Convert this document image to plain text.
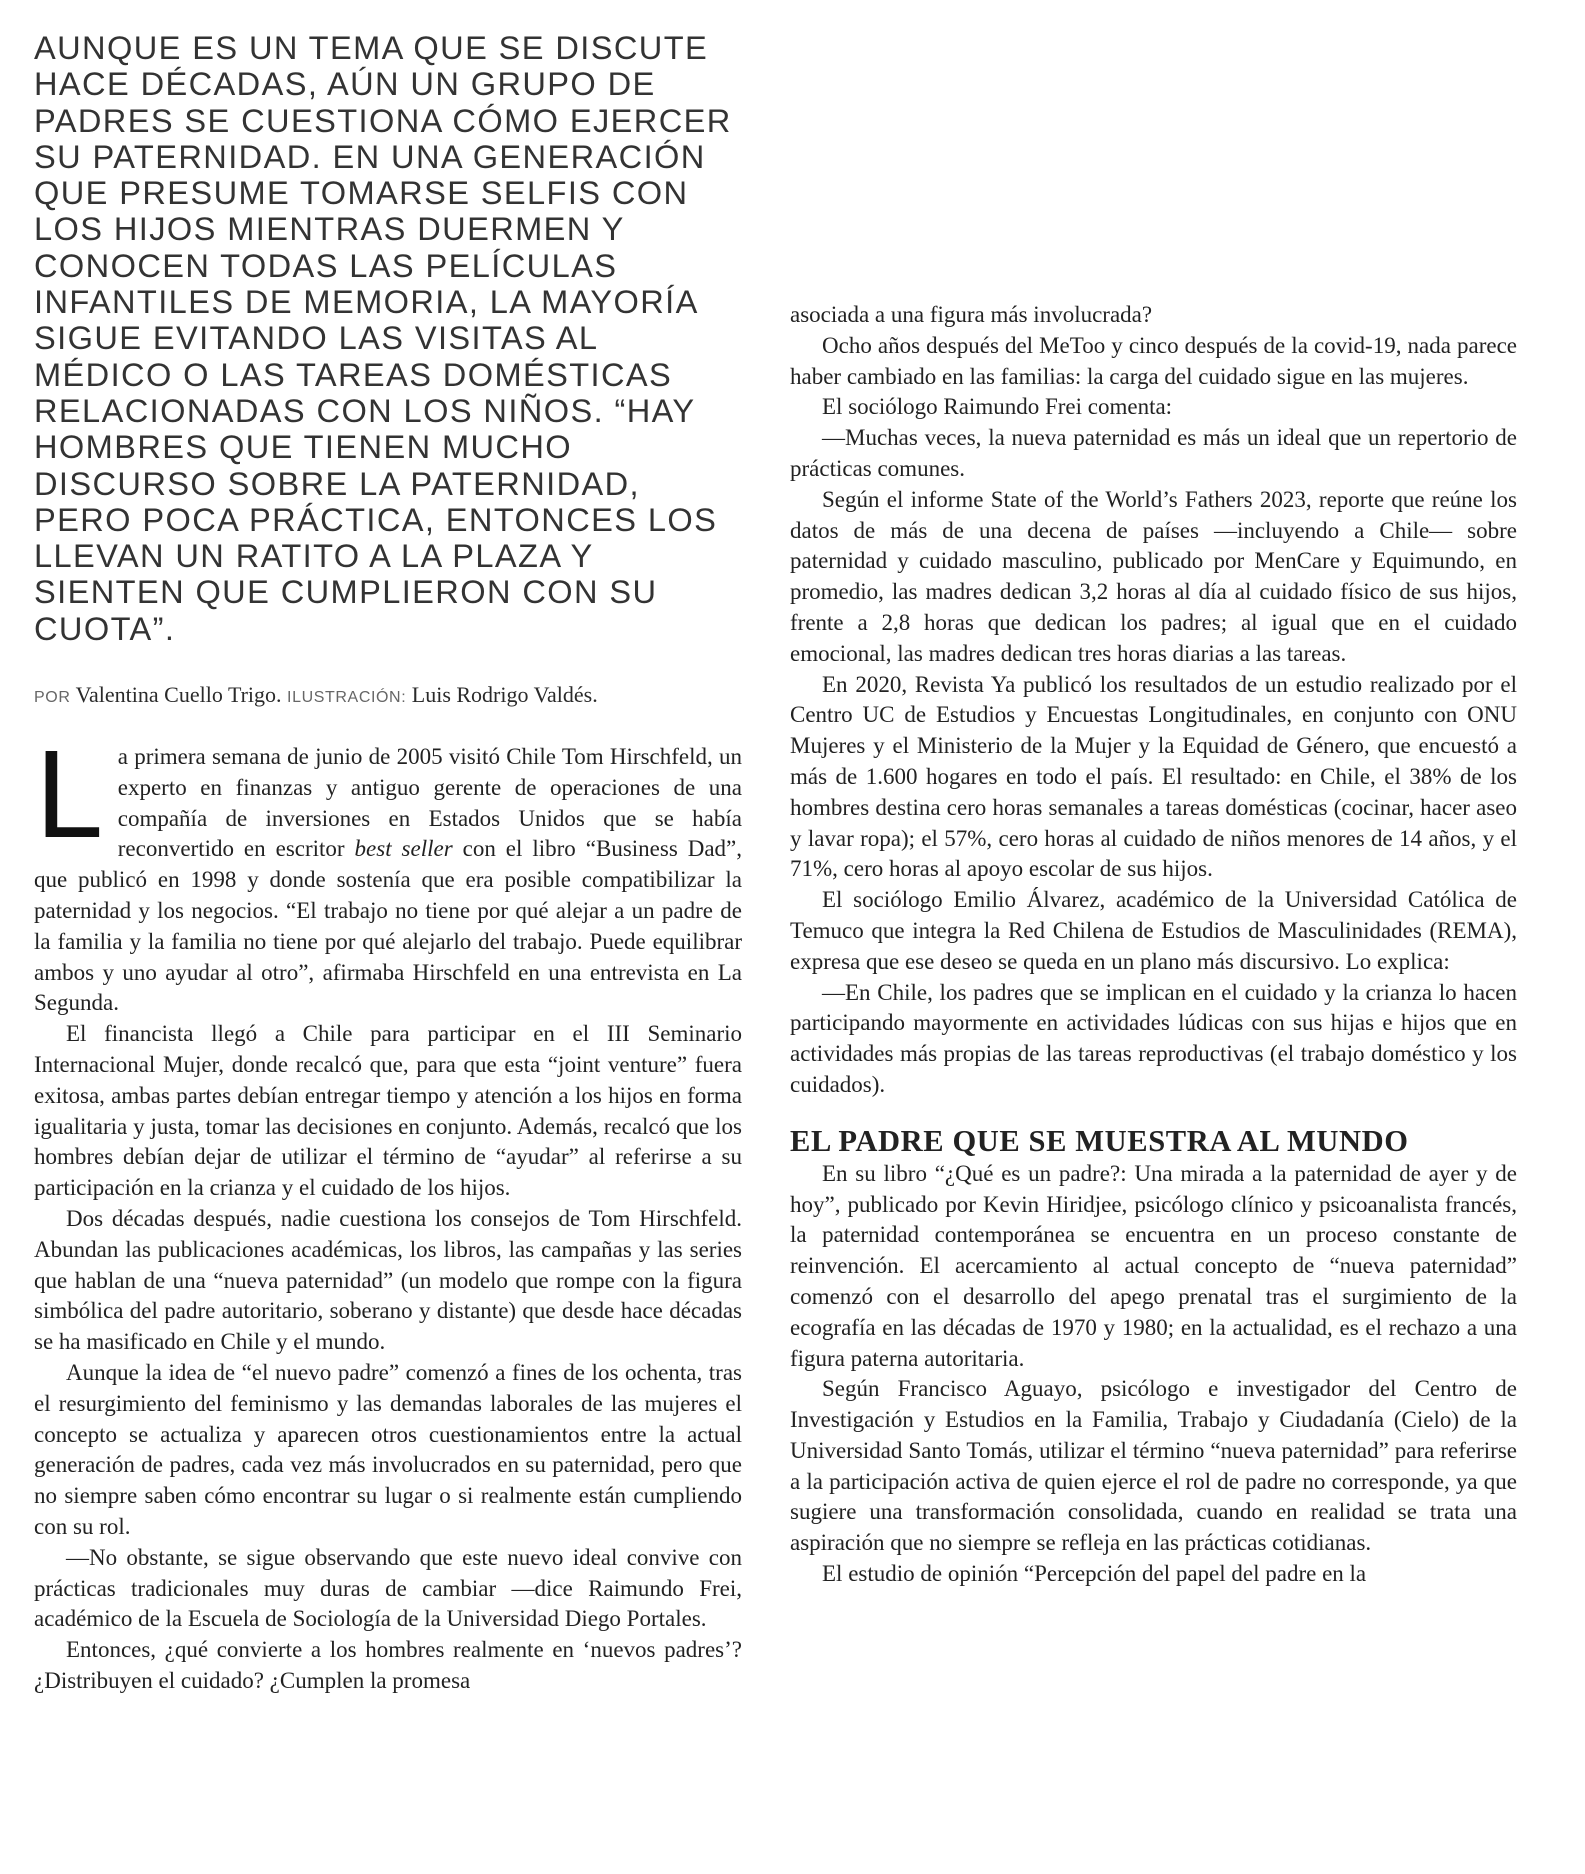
AUNQUE ES UN TEMA QUE SE DISCUTE HACE DÉCADAS, AÚN UN GRUPO DE PADRES SE CUESTIONA CÓMO EJERCER SU PATERNIDAD. EN UNA GENERACIÓN QUE PRESUME TOMARSE SELFIS CON LOS HIJOS MIENTRAS DUERMEN Y CONOCEN TODAS LAS PELÍCULAS INFANTILES DE MEMORIA, LA MAYORÍA SIGUE EVITANDO LAS VISITAS AL MÉDICO O LAS TAREAS DOMÉSTICAS RELACIONADAS CON LOS NIÑOS. “HAY HOMBRES QUE TIENEN MUCHO DISCURSO SOBRE LA PATERNIDAD, PERO POCA PRÁCTICA, ENTONCES LOS LLEVAN UN RATITO A LA PLAZA Y SIENTEN QUE CUMPLIERON CON SU CUOTA”.
POR Valentina Cuello Trigo. ILUSTRACIÓN: Luis Rodrigo Valdés.

La primera semana de junio de 2005 visitó Chile Tom Hirschfeld, un experto en finanzas y antiguo gerente de operaciones de una compañía de inversiones en Estados Unidos que se había reconvertido en escritor best seller con el libro “Business Dad”, que publicó en 1998 y donde sostenía que era posible compatibilizar la paternidad y los negocios. “El trabajo no tiene por qué alejar a un padre de la familia y la familia no tiene por qué alejarlo del trabajo. Puede equilibrar ambos y uno ayudar al otro”, afirmaba Hirschfeld en una entrevista en La Segunda.

El financista llegó a Chile para participar en el III Seminario Internacional Mujer, donde recalcó que, para que esta “joint venture” fuera exitosa, ambas partes debían entregar tiempo y atención a los hijos en forma igualitaria y justa, tomar las decisiones en conjunto. Además, recalcó que los hombres debían dejar de utilizar el término de “ayudar” al referirse a su participación en la crianza y el cuidado de los hijos.

Dos décadas después, nadie cuestiona los consejos de Tom Hirschfeld. Abundan las publicaciones académicas, los libros, las campañas y las series que hablan de una “nueva paternidad” (un modelo que rompe con la figura simbólica del padre autoritario, soberano y distante) que desde hace décadas se ha masificado en Chile y el mundo.

Aunque la idea de “el nuevo padre” comenzó a fines de los ochenta, tras el resurgimiento del feminismo y las demandas laborales de las mujeres el concepto se actualiza y aparecen otros cuestionamientos entre la actual generación de padres, cada vez más involucrados en su paternidad, pero que no siempre saben cómo encontrar su lugar o si realmente están cumpliendo con su rol.

—No obstante, se sigue observando que este nuevo ideal convive con prácticas tradicionales muy duras de cambiar —dice Raimundo Frei, académico de la Escuela de Sociología de la Universidad Diego Portales.

Entonces, ¿qué convierte a los hombres realmente en ‘nuevos padres’? ¿Distribuyen el cuidado? ¿Cumplen la promesa

asociada a una figura más involucrada?

Ocho años después del MeToo y cinco después de la covid-19, nada parece haber cambiado en las familias: la carga del cuidado sigue en las mujeres.

El sociólogo Raimundo Frei comenta:

—Muchas veces, la nueva paternidad es más un ideal que un repertorio de prácticas comunes.

Según el informe State of the World’s Fathers 2023, reporte que reúne los datos de más de una decena de países —incluyendo a Chile— sobre paternidad y cuidado masculino, publicado por MenCare y Equimundo, en promedio, las madres dedican 3,2 horas al día al cuidado físico de sus hijos, frente a 2,8 horas que dedican los padres; al igual que en el cuidado emocional, las madres dedican tres horas diarias a las tareas.

En 2020, Revista Ya publicó los resultados de un estudio realizado por el Centro UC de Estudios y Encuestas Longitudinales, en conjunto con ONU Mujeres y el Ministerio de la Mujer y la Equidad de Género, que encuestó a más de 1.600 hogares en todo el país. El resultado: en Chile, el 38% de los hombres destina cero horas semanales a tareas domésticas (cocinar, hacer aseo y lavar ropa); el 57%, cero horas al cuidado de niños menores de 14 años, y el 71%, cero horas al apoyo escolar de sus hijos.

El sociólogo Emilio Álvarez, académico de la Universidad Católica de Temuco que integra la Red Chilena de Estudios de Masculinidades (REMA), expresa que ese deseo se queda en un plano más discursivo. Lo explica:

—En Chile, los padres que se implican en el cuidado y la crianza lo hacen participando mayormente en actividades lúdicas con sus hijas e hijos que en actividades más propias de las tareas reproductivas (el trabajo doméstico y los cuidados).

EL PADRE QUE SE MUESTRA AL MUNDO

En su libro “¿Qué es un padre?: Una mirada a la paternidad de ayer y de hoy”, publicado por Kevin Hiridjee, psicólogo clínico y psicoanalista francés, la paternidad contemporánea se encuentra en un proceso constante de reinvención. El acercamiento al actual concepto de “nueva paternidad” comenzó con el desarrollo del apego prenatal tras el surgimiento de la ecografía en las décadas de 1970 y 1980; en la actualidad, es el rechazo a una figura paterna autoritaria.

Según Francisco Aguayo, psicólogo e investigador del Centro de Investigación y Estudios en la Familia, Trabajo y Ciudadanía (Cielo) de la Universidad Santo Tomás, utilizar el término “nueva paternidad” para referirse a la participación activa de quien ejerce el rol de padre no corresponde, ya que sugiere una transformación consolidada, cuando en realidad se trata una aspiración que no siempre se refleja en las prácticas cotidianas.

El estudio de opinión “Percepción del papel del padre en la
